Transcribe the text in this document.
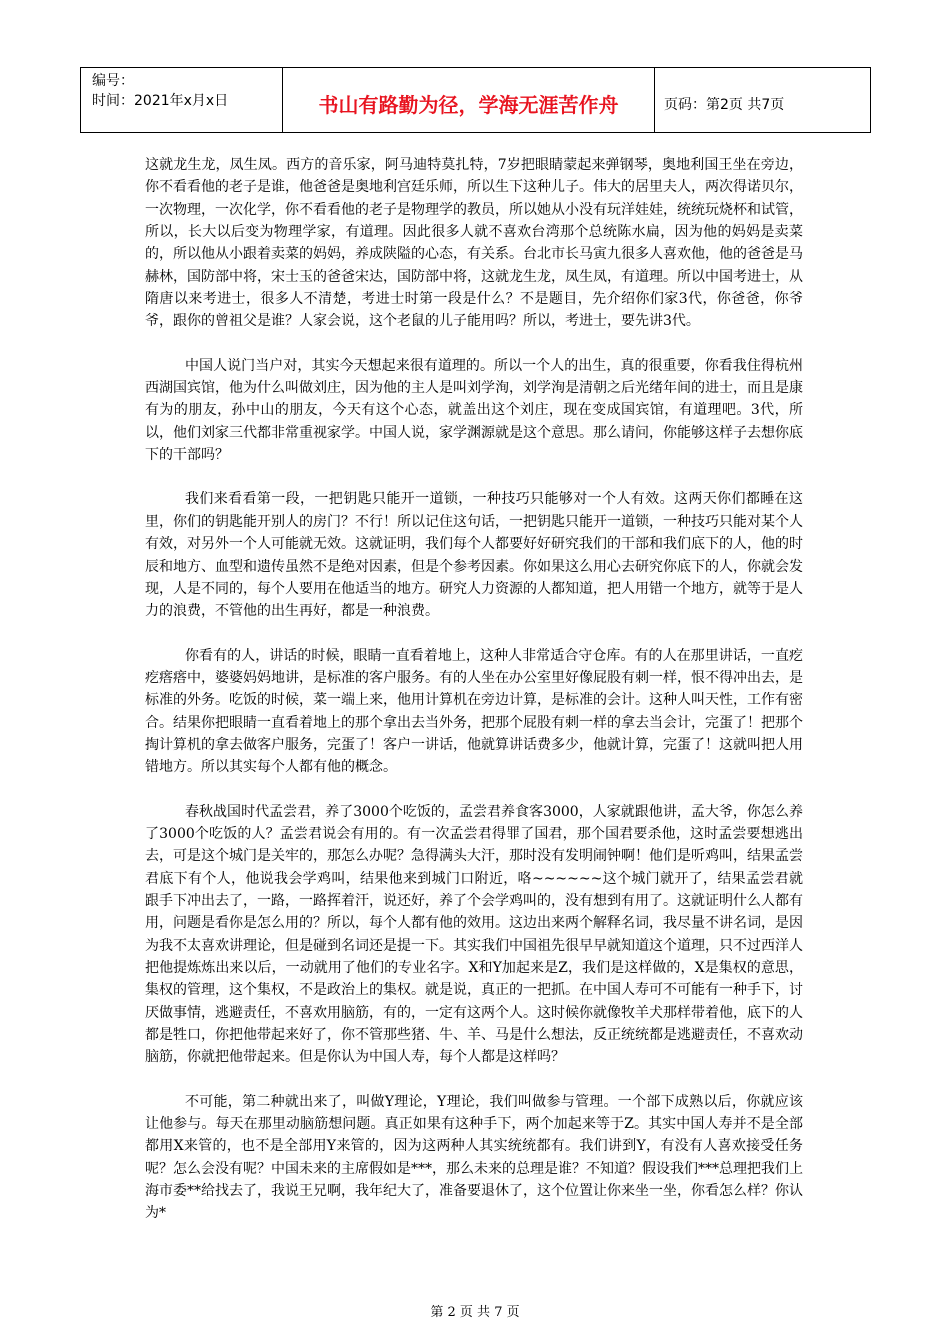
编号：
时间：2021年x月x日	书山有路勤为径，学海无涯苦作舟	页码：第2页 共7页

这就龙生龙，凤生凤。西方的音乐家，阿马迪特莫扎特，7岁把眼睛蒙起来弹钢琴，奥地利国王坐在旁边，你不看看他的老子是谁，他爸爸是奥地利宫廷乐师，所以生下这种儿子。伟大的居里夫人，两次得诺贝尔，一次物理，一次化学，你不看看他的老子是物理学的教员，所以她从小没有玩洋娃娃，统统玩烧杯和试管，所以，长大以后变为物理学家，有道理。因此很多人就不喜欢台湾那个总统陈水扁，因为他的妈妈是卖菜的，所以他从小跟着卖菜的妈妈，养成陕隘的心态，有关系。台北市长马寅九很多人喜欢他，他的爸爸是马赫林，国防部中将，宋士玉的爸爸宋达，国防部中将，这就龙生龙，凤生凤，有道理。所以中国考进士，从隋唐以来考进士，很多人不清楚，考进士时第一段是什么？不是题目，先介绍你们家3代，你爸爸，你爷爷，跟你的曾祖父是谁？人家会说，这个老鼠的儿子能用吗？所以，考进士，要先讲3代。

中国人说门当户对，其实今天想起来很有道理的。所以一个人的出生，真的很重要，你看我住得杭州西湖国宾馆，他为什么叫做刘庄，因为他的主人是叫刘学洵，刘学洵是清朝之后光绪年间的进士，而且是康有为的朋友，孙中山的朋友，今天有这个心态，就盖出这个刘庄，现在变成国宾馆，有道理吧。3代，所以，他们刘家三代都非常重视家学。中国人说，家学渊源就是这个意思。那么请问，你能够这样子去想你底下的干部吗？

我们来看看第一段，一把钥匙只能开一道锁，一种技巧只能够对一个人有效。这两天你们都睡在这里，你们的钥匙能开别人的房门？不行！所以记住这句话，一把钥匙只能开一道锁，一种技巧只能对某个人有效，对另外一个人可能就无效。这就证明，我们每个人都要好好研究我们的干部和我们底下的人，他的时辰和地方、血型和遗传虽然不是绝对因素，但是个参考因素。你如果这么用心去研究你底下的人，你就会发现，人是不同的，每个人要用在他适当的地方。研究人力资源的人都知道，把人用错一个地方，就等于是人力的浪费，不管他的出生再好，都是一种浪费。

你看有的人，讲话的时候，眼睛一直看着地上，这种人非常适合守仓库。有的人在那里讲话，一直疙疙瘩瘩中，婆婆妈妈地讲，是标准的客户服务。有的人坐在办公室里好像屁股有刺一样，恨不得冲出去，是标准的外务。吃饭的时候，菜一端上来，他用计算机在旁边计算，是标准的会计。这种人叫天性，工作有密合。结果你把眼睛一直看着地上的那个拿出去当外务，把那个屁股有刺一样的拿去当会计，完蛋了！把那个掏计算机的拿去做客户服务，完蛋了！客户一讲话，他就算讲话费多少，他就计算，完蛋了！这就叫把人用错地方。所以其实每个人都有他的概念。

春秋战国时代孟尝君，养了3000个吃饭的，孟尝君养食客3000，人家就跟他讲，孟大爷，你怎么养了3000个吃饭的人？孟尝君说会有用的。有一次孟尝君得罪了国君，那个国君要杀他，这时孟尝要想逃出去，可是这个城门是关牢的，那怎么办呢？急得满头大汗，那时没有发明闹钟啊！他们是听鸡叫，结果孟尝君底下有个人，他说我会学鸡叫，结果他来到城门口附近，咯~~~~~~这个城门就开了，结果孟尝君就跟手下冲出去了，一路，一路挥着汗，说还好，养了个会学鸡叫的，没有想到有用了。这就证明什么人都有用，问题是看你是怎么用的？所以，每个人都有他的效用。这边出来两个解释名词，我尽量不讲名词，是因为我不太喜欢讲理论，但是碰到名词还是提一下。其实我们中国祖先很早早就知道这个道理，只不过西洋人把他提炼炼出来以后，一动就用了他们的专业名字。X和Y加起来是Z，我们是这样做的，X是集权的意思，集权的管理，这个集权，不是政治上的集权。就是说，真正的一把抓。在中国人寿可不可能有一种手下，讨厌做事情，逃避责任，不喜欢用脑筋，有的，一定有这两个人。这时候你就像牧羊犬那样带着他，底下的人都是牲口，你把他带起来好了，你不管那些猪、牛、羊、马是什么想法，反正统统都是逃避责任，不喜欢动脑筋，你就把他带起来。但是你认为中国人寿，每个人都是这样吗？

不可能，第二种就出来了，叫做Y理论，Y理论，我们叫做参与管理。一个部下成熟以后，你就应该让他参与。每天在那里动脑筋想问题。真正如果有这种手下，两个加起来等于Z。其实中国人寿并不是全部都用X来管的，也不是全部用Y来管的，因为这两种人其实统统都有。我们讲到Y，有没有人喜欢接受任务呢？怎么会没有呢？中国未来的主席假如是***，那么未来的总理是谁？不知道？假设我们***总理把我们上海市委**给找去了，我说王兄啊，我年纪大了，准备要退休了，这个位置让你来坐一坐，你看怎么样？你认为*

第 2 页 共 7 页
